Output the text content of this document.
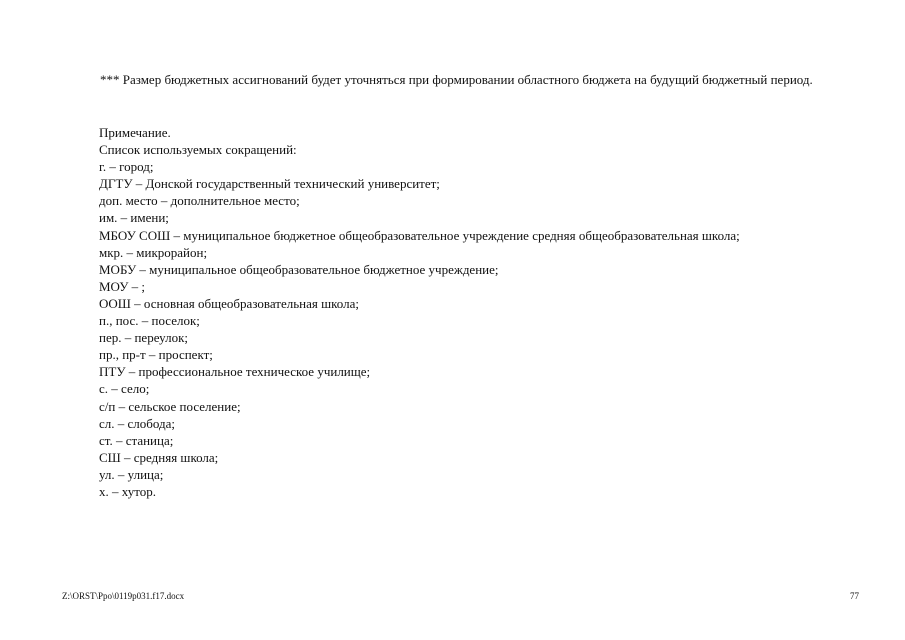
*** Размер бюджетных ассигнований будет уточняться при формировании областного бюджета на будущий бюджетный период.

Примечание.
Список используемых сокращений:
г. – город;
ДГТУ – Донской государственный технический университет;
доп. место – дополнительное место;
им. – имени;
МБОУ СОШ – муниципальное бюджетное общеобразовательное учреждение средняя общеобразовательная школа;
мкр. – микрорайон;
МОБУ – муниципальное общеобразовательное бюджетное учреждение;
МОУ – ;
ООШ – основная общеобразовательная школа;
п., пос. – поселок;
пер. – переулок;
пр., пр-т – проспект;
ПТУ – профессиональное техническое училище;
с. – село;
с/п – сельское поселение;
сл. – слобода;
ст. – станица;
СШ – средняя школа;
ул. – улица;
х. – хутор.
Z:\ORST\Ppo\0119p031.f17.docx	77
